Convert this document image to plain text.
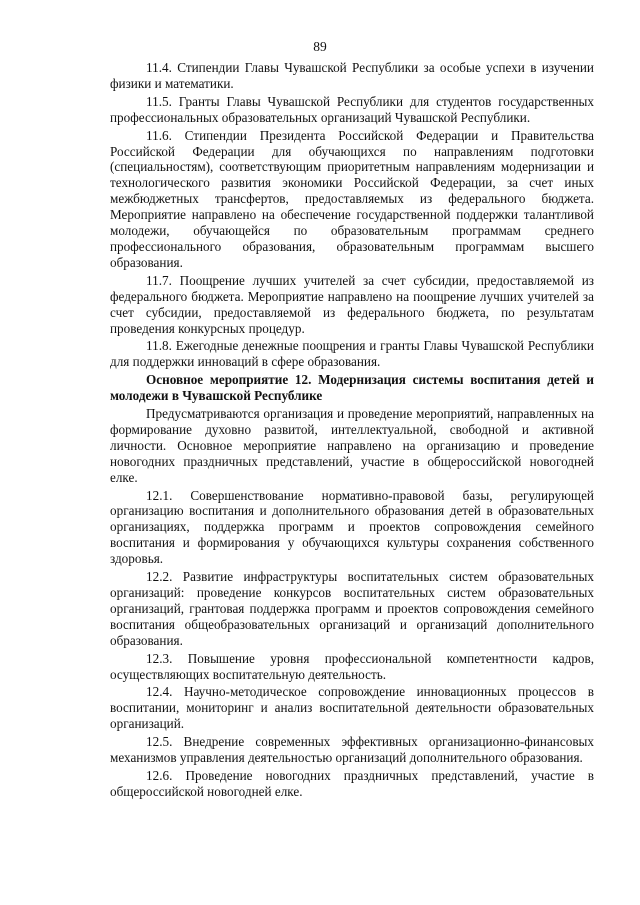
89

11.4. Стипендии Главы Чувашской Республики за особые успехи в изучении физики и математики.

11.5. Гранты Главы Чувашской Республики для студентов государственных профессиональных образовательных организаций Чувашской Республики.

11.6. Стипендии Президента Российской Федерации и Правительства Российской Федерации для обучающихся по направлениям подготовки (специальностям), соответствующим приоритетным направлениям модернизации и технологического развития экономики Российской Федерации, за счет иных межбюджетных трансфертов, предоставляемых из федерального бюджета. Мероприятие направлено на обеспечение государственной поддержки талантливой молодежи, обучающейся по образовательным программам среднего профессионального образования, образовательным программам высшего образования.

11.7. Поощрение лучших учителей за счет субсидии, предоставляемой из федерального бюджета. Мероприятие направлено на поощрение лучших учителей за счет субсидии, предоставляемой из федерального бюджета, по результатам проведения конкурсных процедур.

11.8. Ежегодные денежные поощрения и гранты Главы Чувашской Республики для поддержки инноваций в сфере образования.

Основное мероприятие 12. Модернизация системы воспитания детей и молодежи в Чувашской Республике

Предусматриваются организация и проведение мероприятий, направленных на формирование духовно развитой, интеллектуальной, свободной и активной личности. Основное мероприятие направлено на организацию и проведение новогодних праздничных представлений, участие в общероссийской новогодней елке.

12.1. Совершенствование нормативно-правовой базы, регулирующей организацию воспитания и дополнительного образования детей в образовательных организациях, поддержка программ и проектов сопровождения семейного воспитания и формирования у обучающихся культуры сохранения собственного здоровья.

12.2. Развитие инфраструктуры воспитательных систем образовательных организаций: проведение конкурсов воспитательных систем образовательных организаций, грантовая поддержка программ и проектов сопровождения семейного воспитания общеобразовательных организаций и организаций дополнительного образования.

12.3. Повышение уровня профессиональной компетентности кадров, осуществляющих воспитательную деятельность.

12.4. Научно-методическое сопровождение инновационных процессов в воспитании, мониторинг и анализ воспитательной деятельности образовательных организаций.

12.5. Внедрение современных эффективных организационно-финансовых механизмов управления деятельностью организаций дополнительного образования.

12.6. Проведение новогодних праздничных представлений, участие в общероссийской новогодней елке.
